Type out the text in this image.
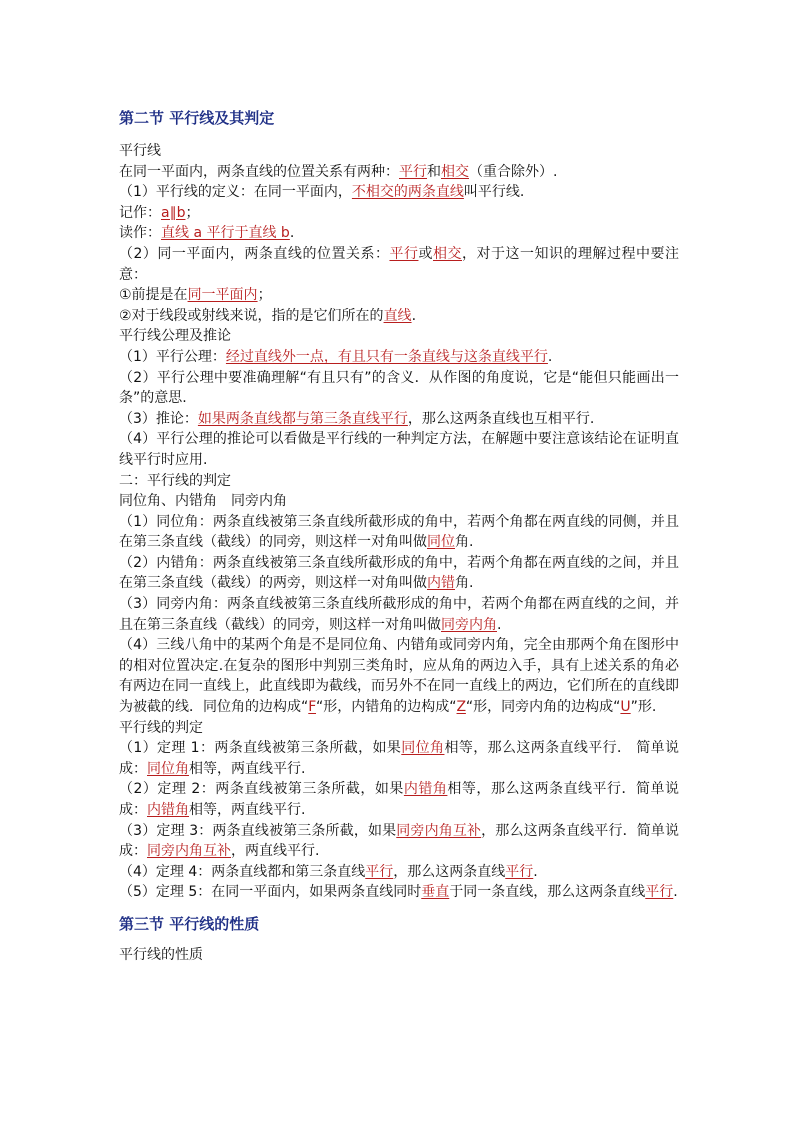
第二节 平行线及其判定
平行线
在同一平面内，两条直线的位置关系有两种：平行和相交（重合除外）.
（1）平行线的定义：在同一平面内，不相交的两条直线叫平行线.
记作：a∥b；
读作：直线 a 平行于直线 b.
（2）同一平面内，两条直线的位置关系：平行或相交，对于这一知识的理解过程中要注意：
①前提是在同一平面内；
②对于线段或射线来说，指的是它们所在的直线.
平行线公理及推论
（1）平行公理：经过直线外一点，有且只有一条直线与这条直线平行.
（2）平行公理中要准确理解“有且只有”的含义．从作图的角度说，它是“能但只能画出一条”的意思.
（3）推论：如果两条直线都与第三条直线平行，那么这两条直线也互相平行.
（4）平行公理的推论可以看做是平行线的一种判定方法，在解题中要注意该结论在证明直线平行时应用.
二：平行线的判定
同位角、内错角 同旁内角
（1）同位角：两条直线被第三条直线所截形成的角中，若两个角都在两直线的同侧，并且在第三条直线（截线）的同旁，则这样一对角叫做同位角.
（2）内错角：两条直线被第三条直线所截形成的角中，若两个角都在两直线的之间，并且在第三条直线（截线）的两旁，则这样一对角叫做内错角.
（3）同旁内角：两条直线被第三条直线所截形成的角中，若两个角都在两直线的之间，并且在第三条直线（截线）的同旁，则这样一对角叫做同旁内角.
（4）三线八角中的某两个角是不是同位角、内错角或同旁内角，完全由那两个角在图形中的相对位置决定.在复杂的图形中判别三类角时，应从角的两边入手，具有上述关系的角必有两边在同一直线上，此直线即为截线，而另外不在同一直线上的两边，它们所在的直线即为被截的线．同位角的边构成“F“形，内错角的边构成“Z“形，同旁内角的边构成“U”形.
平行线的判定
（1）定理 1：两条直线被第三条所截，如果同位角相等，那么这两条直线平行． 简单说成：同位角相等，两直线平行.
（2）定理 2：两条直线被第三条所截，如果内错角相等，那么这两条直线平行．简单说成：内错角相等，两直线平行.
（3）定理 3：两条直线被第三条所截，如果同旁内角互补，那么这两条直线平行．简单说成：同旁内角互补，两直线平行.
（4）定理 4：两条直线都和第三条直线平行，那么这两条直线平行.
（5）定理 5：在同一平面内，如果两条直线同时垂直于同一条直线，那么这两条直线平行.
第三节 平行线的性质
平行线的性质
